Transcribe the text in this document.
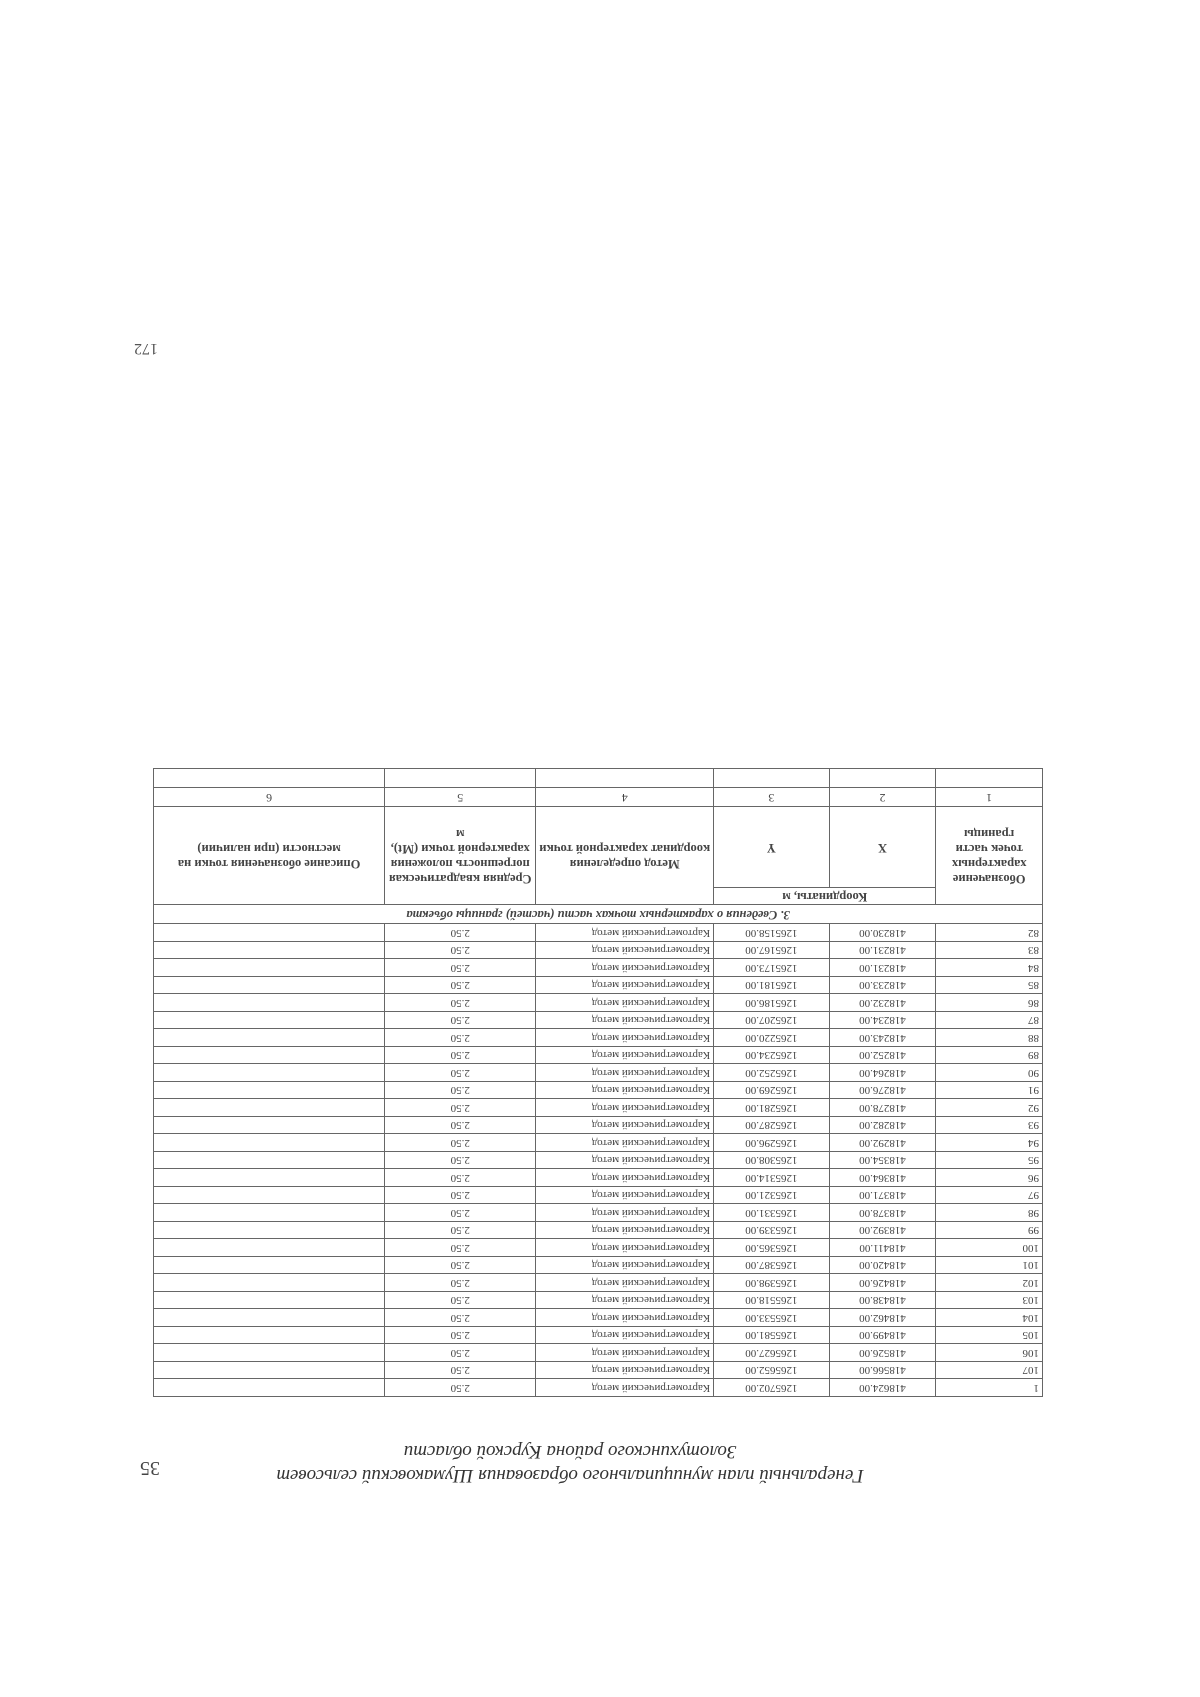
172
Генеральный план муниципального образования Шумаковский сельсовет
Золотухинского района Курской области
1	418624.00	1265702.00	Картометрический метод	2.50	
107	418566.00	1265652.00	Картометрический метод	2.50	
106	418526.00	1265627.00	Картометрический метод	2.50	
105	418499.00	1265581.00	Картометрический метод	2.50	
104	418462.00	1265533.00	Картометрический метод	2.50	
103	418438.00	1265518.00	Картометрический метод	2.50	
102	418426.00	1265398.00	Картометрический метод	2.50	
101	418420.00	1265387.00	Картометрический метод	2.50	
100	418411.00	1265365.00	Картометрический метод	2.50	
99	418392.00	1265339.00	Картометрический метод	2.50	
98	418378.00	1265331.00	Картометрический метод	2.50	
97	418371.00	1265321.00	Картометрический метод	2.50	
96	418364.00	1265314.00	Картометрический метод	2.50	
95	418354.00	1265308.00	Картометрический метод	2.50	
94	418292.00	1265296.00	Картометрический метод	2.50	
93	418282.00	1265287.00	Картометрический метод	2.50	
92	418278.00	1265281.00	Картометрический метод	2.50	
91	418276.00	1265269.00	Картометрический метод	2.50	
90	418264.00	1265252.00	Картометрический метод	2.50	
89	418252.00	1265234.00	Картометрический метод	2.50	
88	418243.00	1265220.00	Картометрический метод	2.50	
87	418234.00	1265207.00	Картометрический метод	2.50	
86	418232.00	1265186.00	Картометрический метод	2.50	
85	418233.00	1265181.00	Картометрический метод	2.50	
84	418231.00	1265173.00	Картометрический метод	2.50	
83	418231.00	1265167.00	Картометрический метод	2.50	
82	418230.00	1265158.00	Картометрический метод	2.50	
3. Сведения о характерных точках части (частей) границы объекта					
Обозначение характерных точек части границы	Координаты, м		Метод определения координат характерной точки	Средняя квадратическая погрешность положения характерной точки (Mt), м	Описание обозначения точки на местности (при наличии)
	X	Y			
1	2	3	4	5	6

35
